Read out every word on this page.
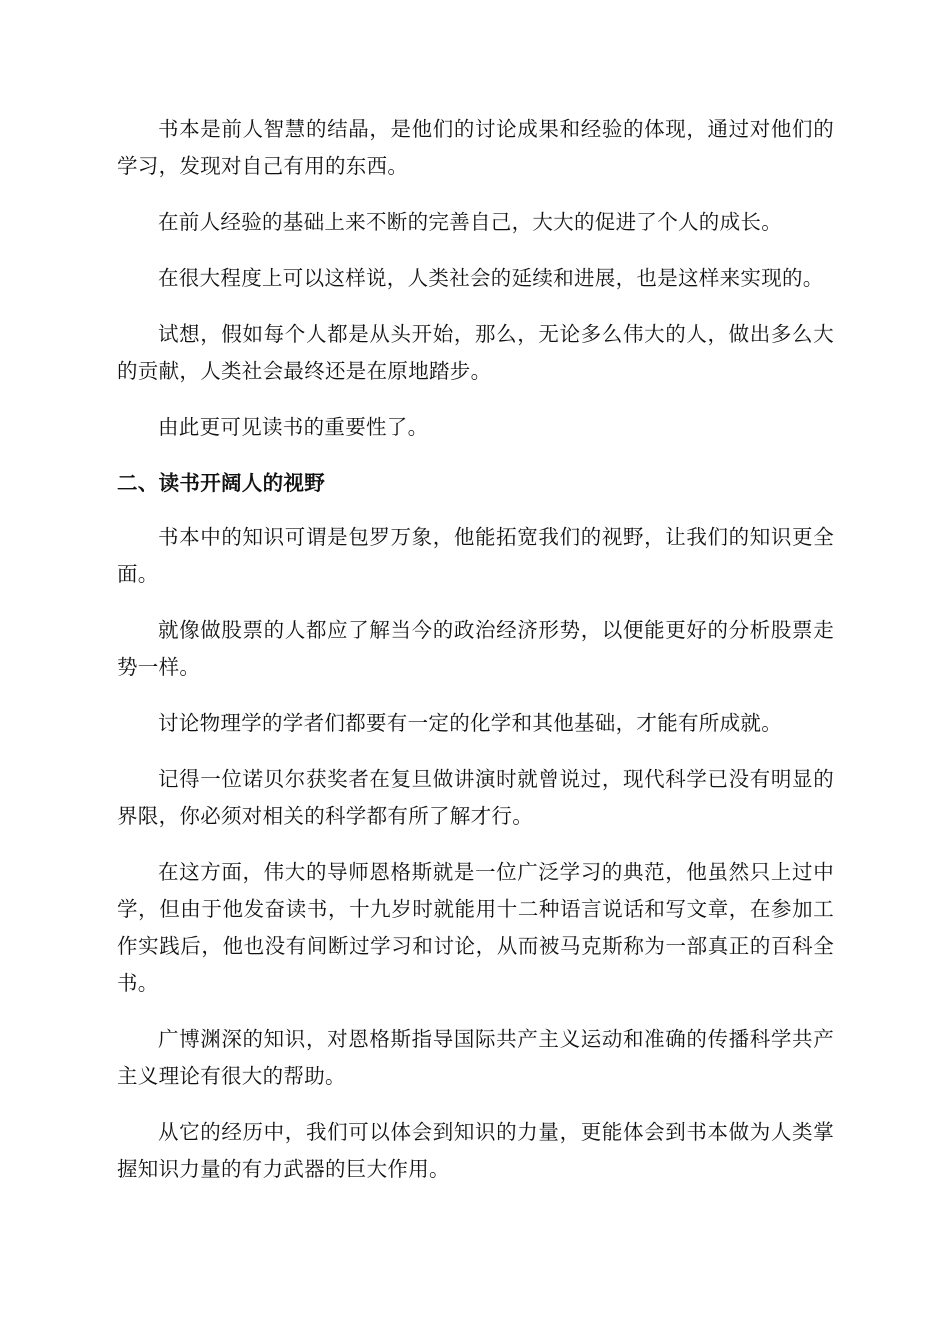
书本是前人智慧的结晶，是他们的讨论成果和经验的体现，通过对他们的学习，发现对自己有用的东西。

在前人经验的基础上来不断的完善自己，大大的促进了个人的成长。

在很大程度上可以这样说，人类社会的延续和进展，也是这样来实现的。

试想，假如每个人都是从头开始，那么，无论多么伟大的人，做出多么大的贡献，人类社会最终还是在原地踏步。

由此更可见读书的重要性了。

二、读书开阔人的视野

书本中的知识可谓是包罗万象，他能拓宽我们的视野，让我们的知识更全面。

就像做股票的人都应了解当今的政治经济形势，以便能更好的分析股票走势一样。

讨论物理学的学者们都要有一定的化学和其他基础，才能有所成就。

记得一位诺贝尔获奖者在复旦做讲演时就曾说过，现代科学已没有明显的界限，你必须对相关的科学都有所了解才行。

在这方面，伟大的导师恩格斯就是一位广泛学习的典范，他虽然只上过中学，但由于他发奋读书，十九岁时就能用十二种语言说话和写文章，在参加工作实践后，他也没有间断过学习和讨论，从而被马克斯称为一部真正的百科全书。

广博渊深的知识，对恩格斯指导国际共产主义运动和准确的传播科学共产主义理论有很大的帮助。

从它的经历中，我们可以体会到知识的力量，更能体会到书本做为人类掌握知识力量的有力武器的巨大作用。
